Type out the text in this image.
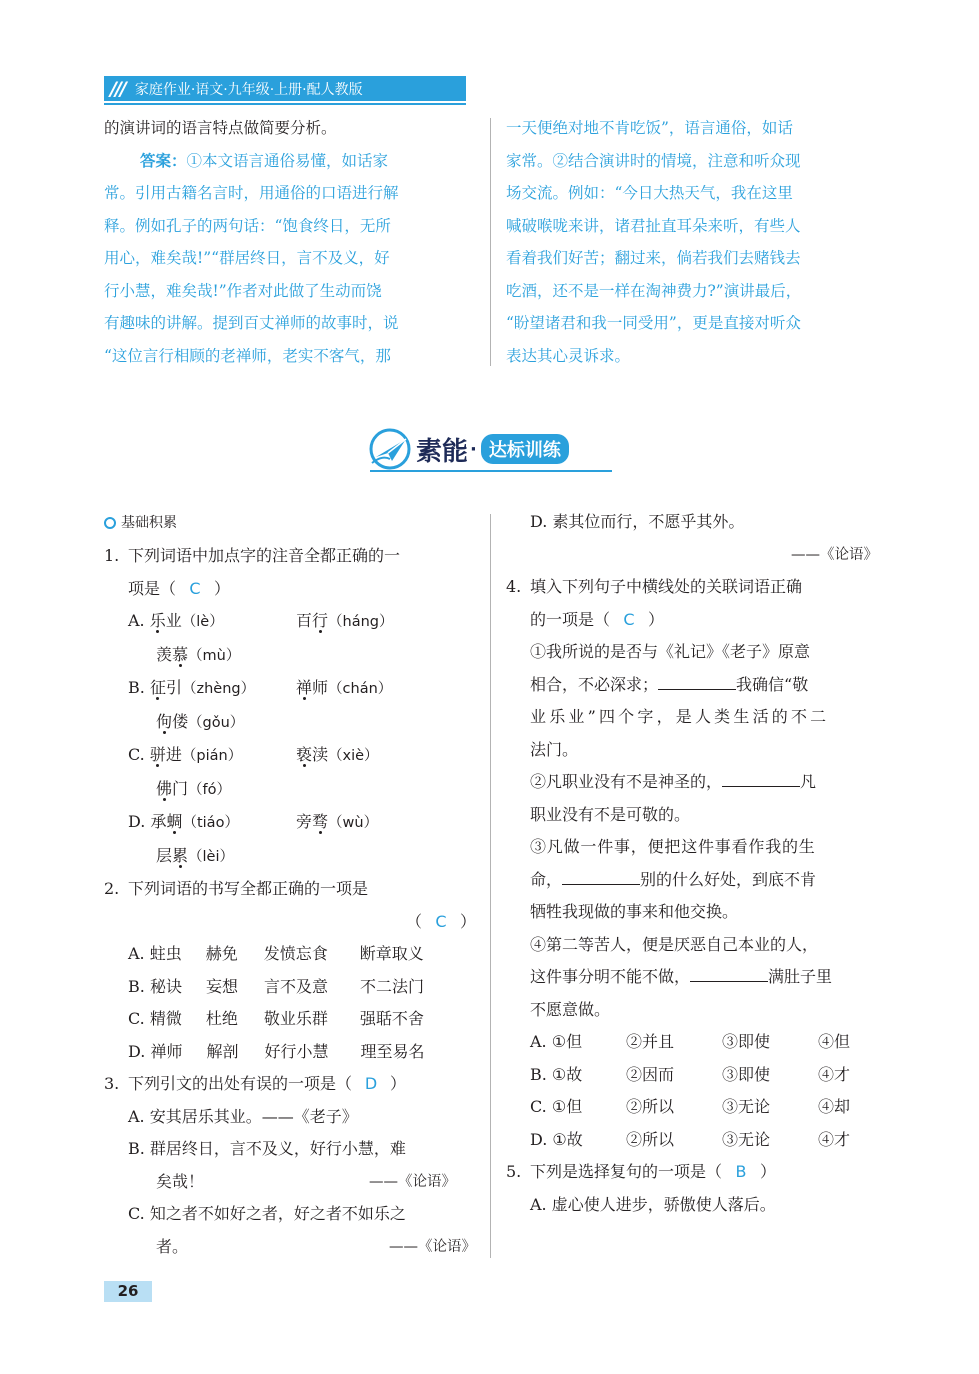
/// 家庭作业·语文·九年级·上册·配人教版

的演讲词的语言特点做简要分析。

答案：①本文语言通俗易懂，如话家

常。引用古籍名言时，用通俗的口语进行解

释。例如孔子的两句话：“饱食终日，无所

用心，难矣哉!”“群居终日，言不及义，好

行小慧，难矣哉!”作者对此做了生动而饶

有趣味的讲解。提到百丈禅师的故事时，说

“这位言行相顾的老禅师，老实不客气，那

一天便绝对地不肯吃饭”，语言通俗，如话

家常。②结合演讲时的情境，注意和听众现

场交流。例如：“今日大热天气，我在这里

喊破喉咙来讲，诸君扯直耳朵来听，有些人

看着我们好苦；翻过来，倘若我们去赌钱去

吃酒，还不是一样在淘神费力?”演讲最后，

“盼望诸君和我一同受用”，更是直接对听众

表达其心灵诉求。

素能 · 达标训练
基础积累

1. 下列词语中加点字的注音全都正确的一

项是（ C ）

A. 乐业（lè）	百行（háng）
羡慕（mù）
B. 征引（zhèng）	禅师（chán）
佝偻（gǒu）
C. 骈进（pián）	亵渎（xiè）
佛门（fó）
D. 承蜩（tiáo）	旁骛（wù）
层累（lèi）

2. 下列词语的书写全都正确的一项是

（ C ）

A. 蛀虫 赫免 发愤忘食 断章取义
B. 秘诀 妄想 言不及意 不二法门
C. 精微 杜绝 敬业乐群 强聒不舍
D. 禅师 解剖 好行小慧 理至易名

3. 下列引文的出处有误的一项是（ D ）

A. 安其居乐其业。——《老子》

B. 群居终日，言不及义，好行小慧，难

矣哉！	——《论语》

C. 知之者不如好之者，好之者不如乐之

者。	——《论语》

D. 素其位而行，不愿乎其外。

——《论语》

4. 填入下列句子中横线处的关联词语正确

的一项是（ C ）

①我所说的是否与《礼记》《老子》原意

相合，不必深求；	我确信“敬

业乐业”四个字，是人类生活的不二

法门。

②凡职业没有不是神圣的，	凡

职业没有不是可敬的。

③凡做一件事，便把这件事看作我的生

命，	别的什么好处，到底不肯

牺牲我现做的事来和他交换。

④第二等苦人，便是厌恶自己本业的人，

这件事分明不能不做，	满肚子里

不愿意做。

A. ①但	②并且	③即使	④但
B. ①故	②因而	③即使	④才
C. ①但	②所以	③无论	④却
D. ①故	②所以	③无论	④才

5. 下列是选择复句的一项是（ B ）

A. 虚心使人进步，骄傲使人落后。

26
